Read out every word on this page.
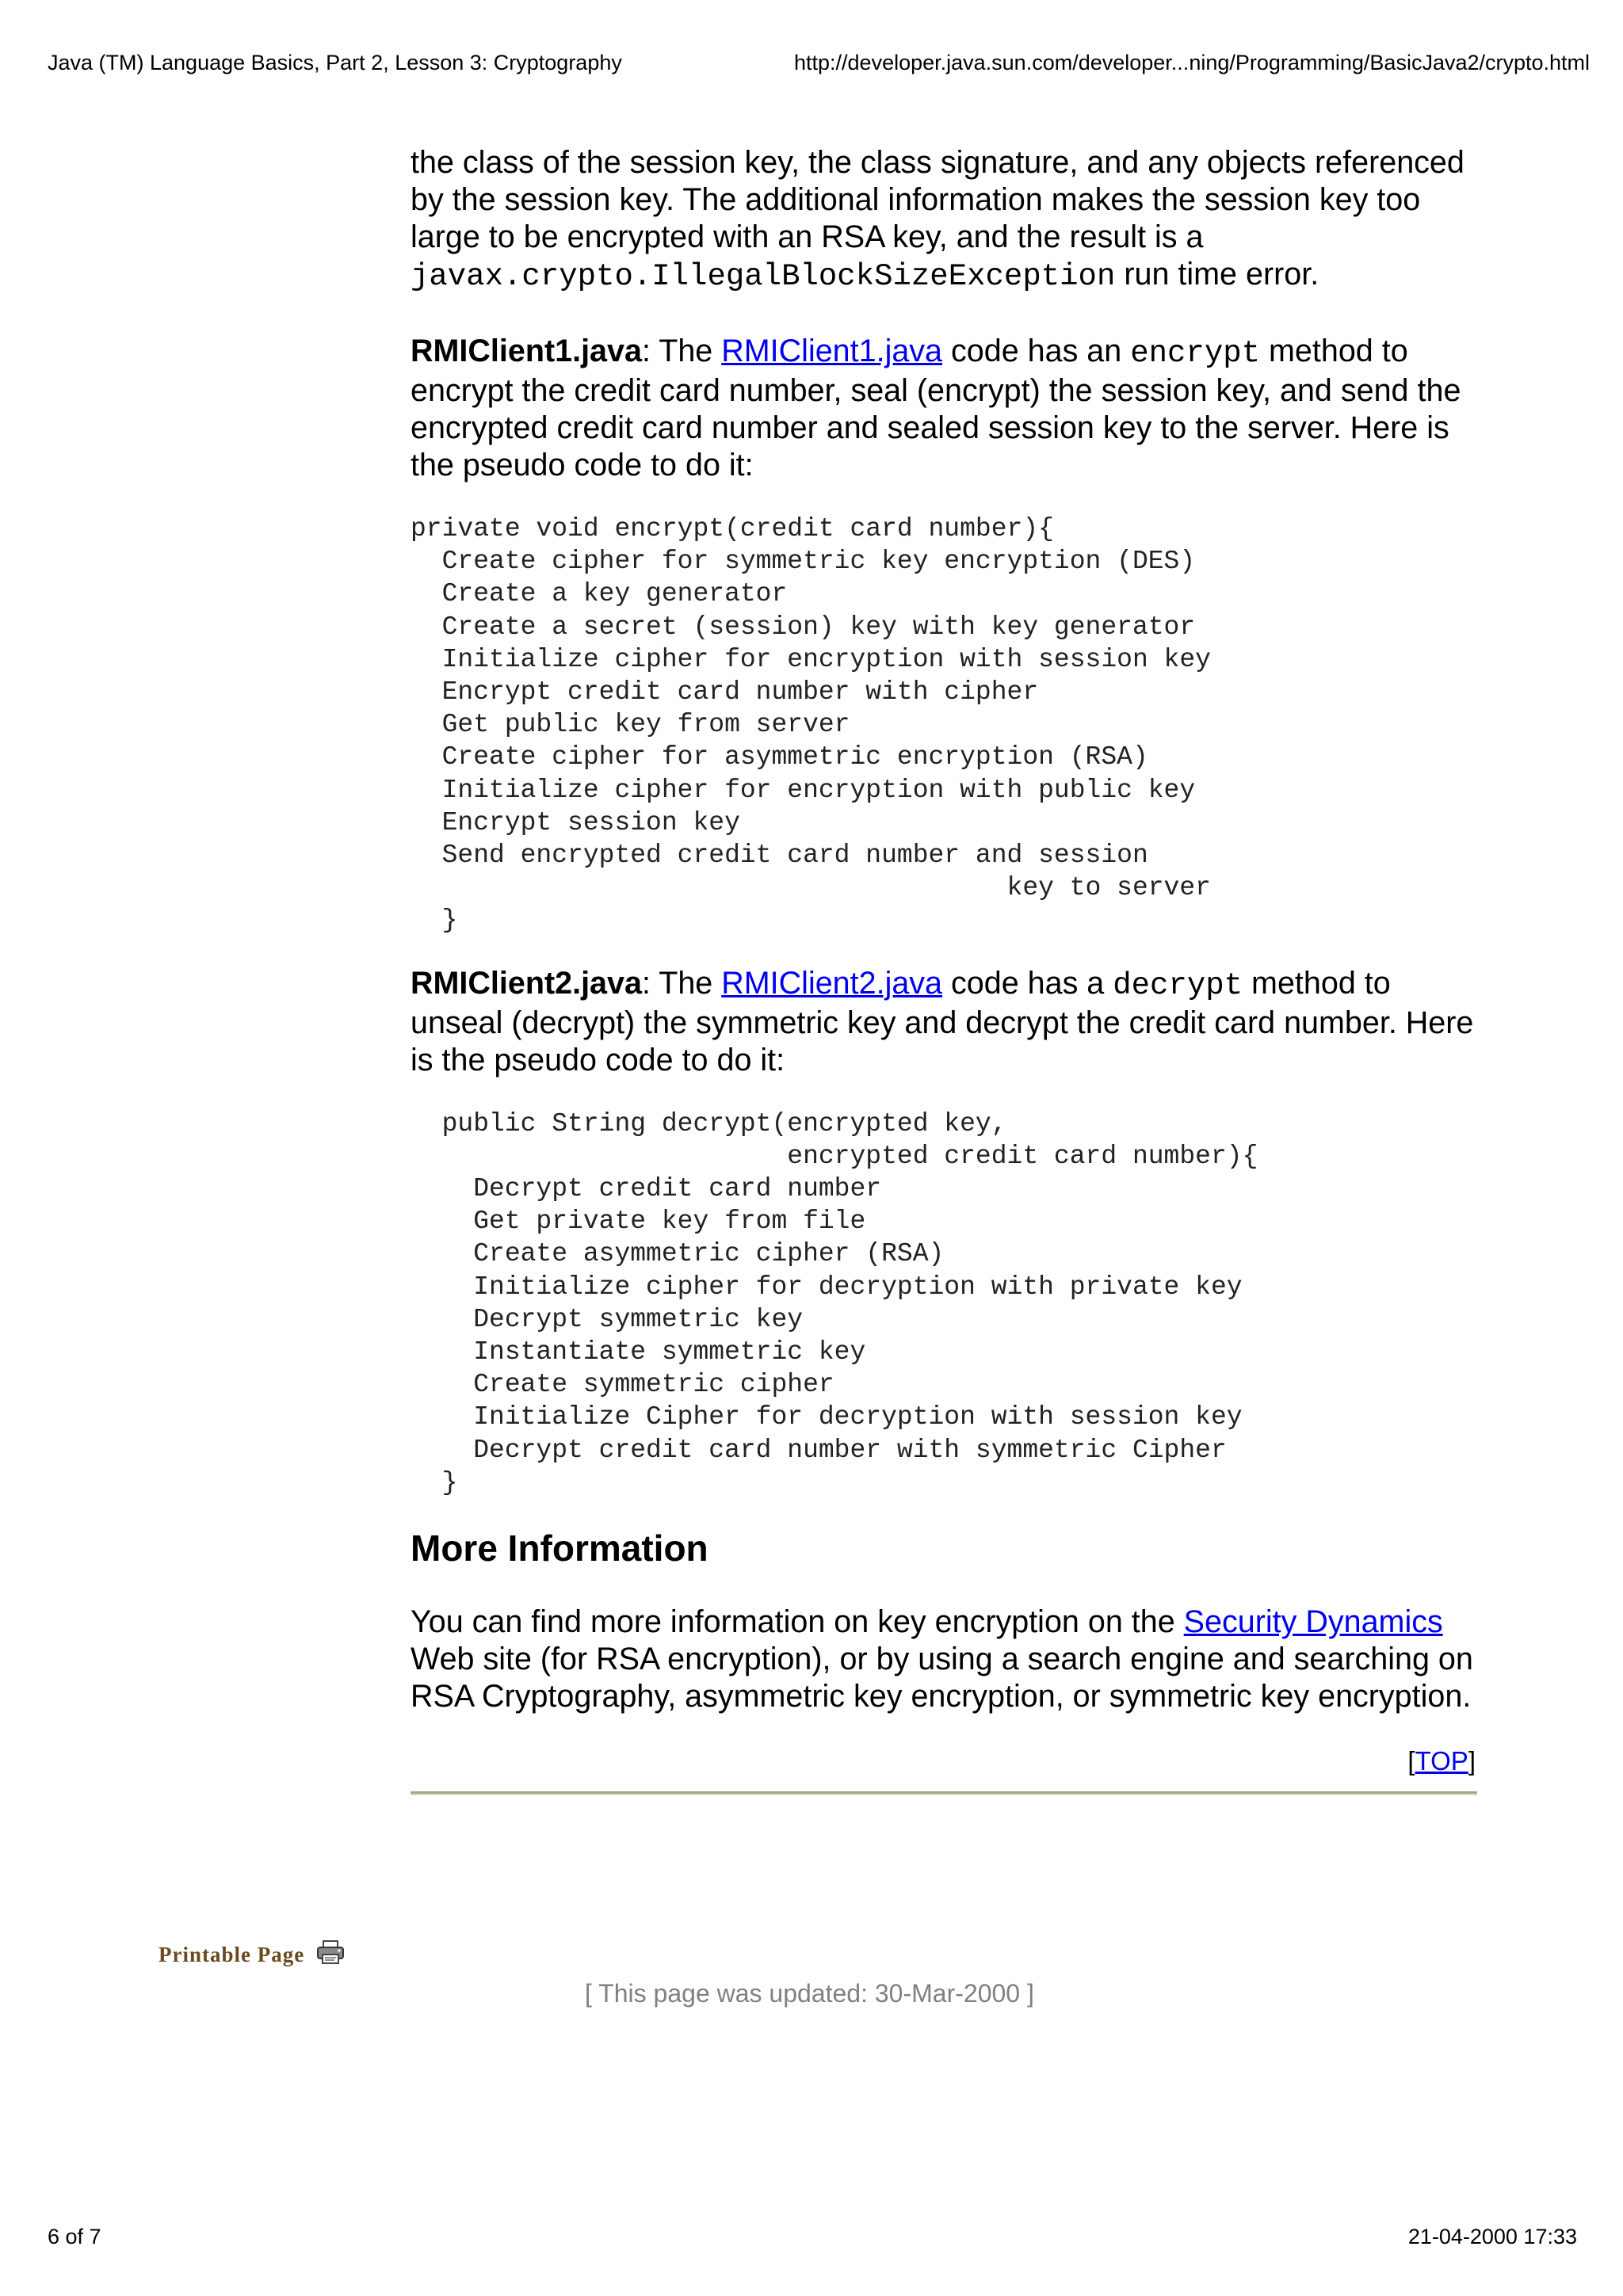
Java (TM) Language Basics, Part 2, Lesson 3: Cryptography	http://developer.java.sun.com/developer...ning/Programming/BasicJava2/crypto.html

the class of the session key, the class signature, and any objects referenced by the session key. The additional information makes the session key too large to be encrypted with an RSA key, and the result is a javax.crypto.IllegalBlockSizeException run time error.

RMIClient1.java: The RMIClient1.java code has an encrypt method to encrypt the credit card number, seal (encrypt) the session key, and send the encrypted credit card number and sealed session key to the server. Here is the pseudo code to do it:

private void encrypt(credit card number){
Create cipher for symmetric key encryption (DES)
Create a key generator
Create a secret (session) key with key generator
Initialize cipher for encryption with session key
Encrypt credit card number with cipher
Get public key from server
Create cipher for asymmetric encryption (RSA)
Initialize cipher for encryption with public key
Encrypt session key
Send encrypted credit card number and session
key to server
}

RMIClient2.java: The RMIClient2.java code has a decrypt method to unseal (decrypt) the symmetric key and decrypt the credit card number. Here is the pseudo code to do it:

public String decrypt(encrypted key,
encrypted credit card number){
Decrypt credit card number
Get private key from file
Create asymmetric cipher (RSA)
Initialize cipher for decryption with private key
Decrypt symmetric key
Instantiate symmetric key
Create symmetric cipher
Initialize Cipher for decryption with session key
Decrypt credit card number with symmetric Cipher
}
More Information

You can find more information on key encryption on the Security Dynamics Web site (for RSA encryption), or by using a search engine and searching on RSA Cryptography, asymmetric key encryption, or symmetric key encryption.

[TOP]
Printable Page
[ This page was updated: 30-Mar-2000 ]
6 of 7	21-04-2000 17:33
